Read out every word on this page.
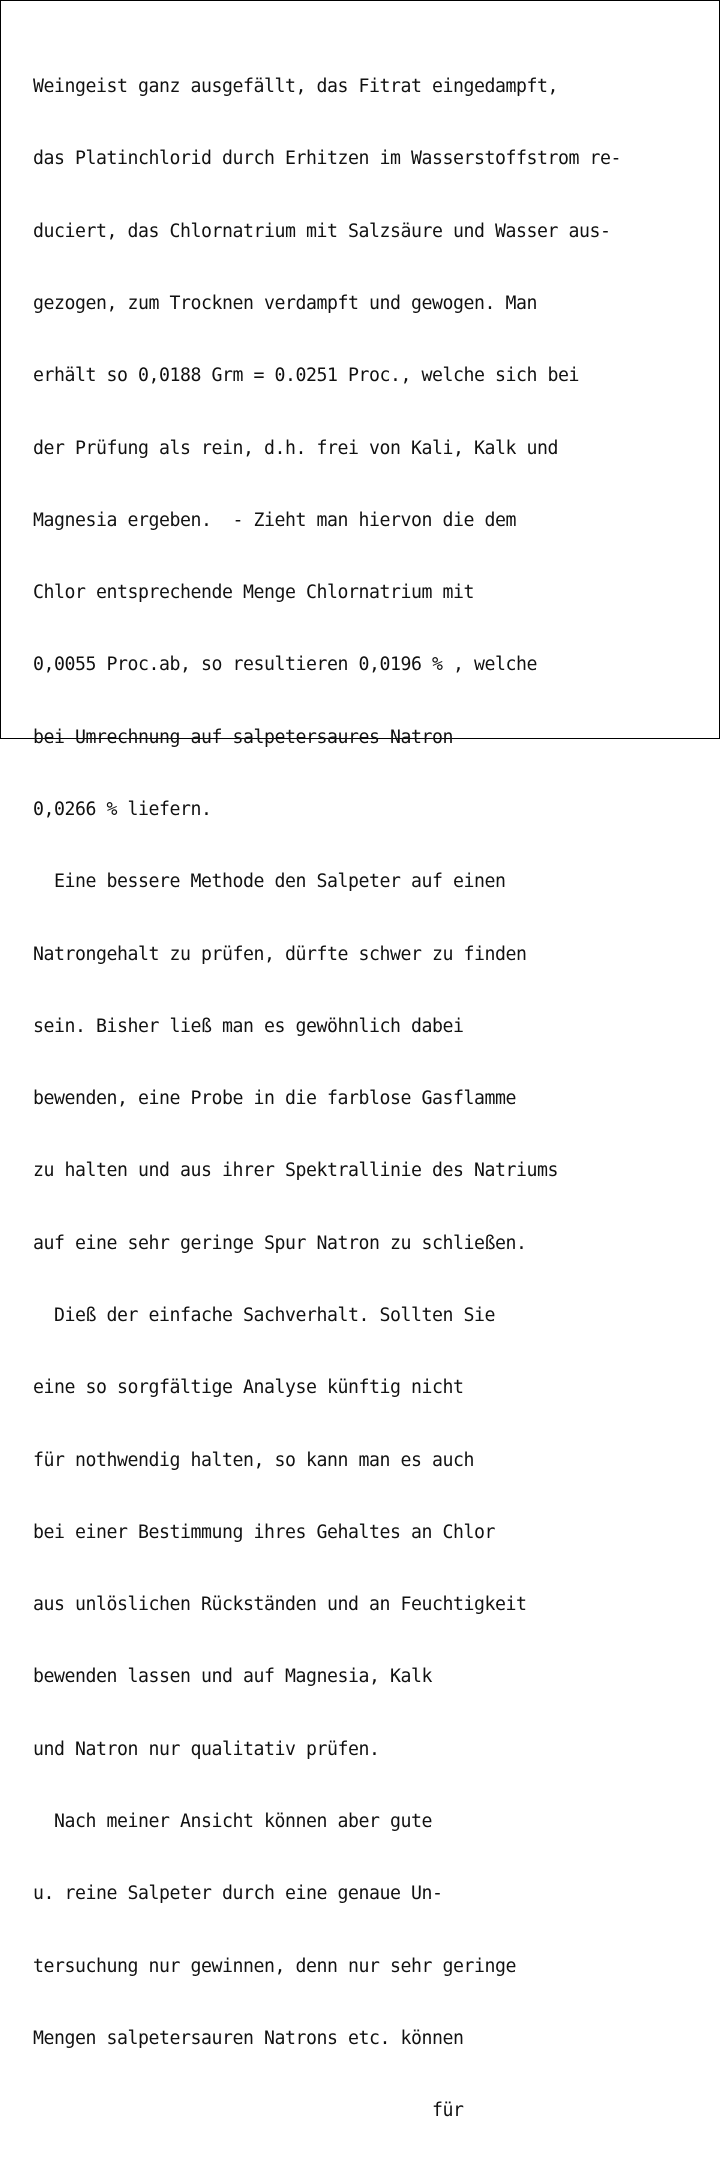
Weingeist ganz ausgefällt, das Fitrat eingedampft,

das Platinchlorid durch Erhitzen im Wasserstoffstrom re-

duciert, das Chlornatrium mit Salzsäure und Wasser aus-

gezogen, zum Trocknen verdampft und gewogen. Man

erhält so 0,0188 Grm = 0.0251 Proc., welche sich bei

der Prüfung als rein, d.h. frei von Kali, Kalk und

Magnesia ergeben.  - Zieht man hiervon die dem

Chlor entsprechende Menge Chlornatrium mit

0,0055 Proc.ab, so resultieren 0,0196 % , welche

bei Umrechnung auf salpetersaures Natron

0,0266 % liefern.

Eine bessere Methode den Salpeter auf einen

Natrongehalt zu prüfen, dürfte schwer zu finden

sein. Bisher ließ man es gewöhnlich dabei

bewenden, eine Probe in die farblose Gasflamme

zu halten und aus ihrer Spektrallinie des Natriums

auf eine sehr geringe Spur Natron zu schließen.

Dieß der einfache Sachverhalt. Sollten Sie

eine so sorgfältige Analyse künftig nicht

für nothwendig halten, so kann man es auch

bei einer Bestimmung ihres Gehaltes an Chlor

aus unlöslichen Rückständen und an Feuchtigkeit

bewenden lassen und auf Magnesia, Kalk

und Natron nur qualitativ prüfen.

Nach meiner Ansicht können aber gute

u. reine Salpeter durch eine genaue Un-

tersuchung nur gewinnen, denn nur sehr geringe

Mengen salpetersauren Natrons etc. können

für
